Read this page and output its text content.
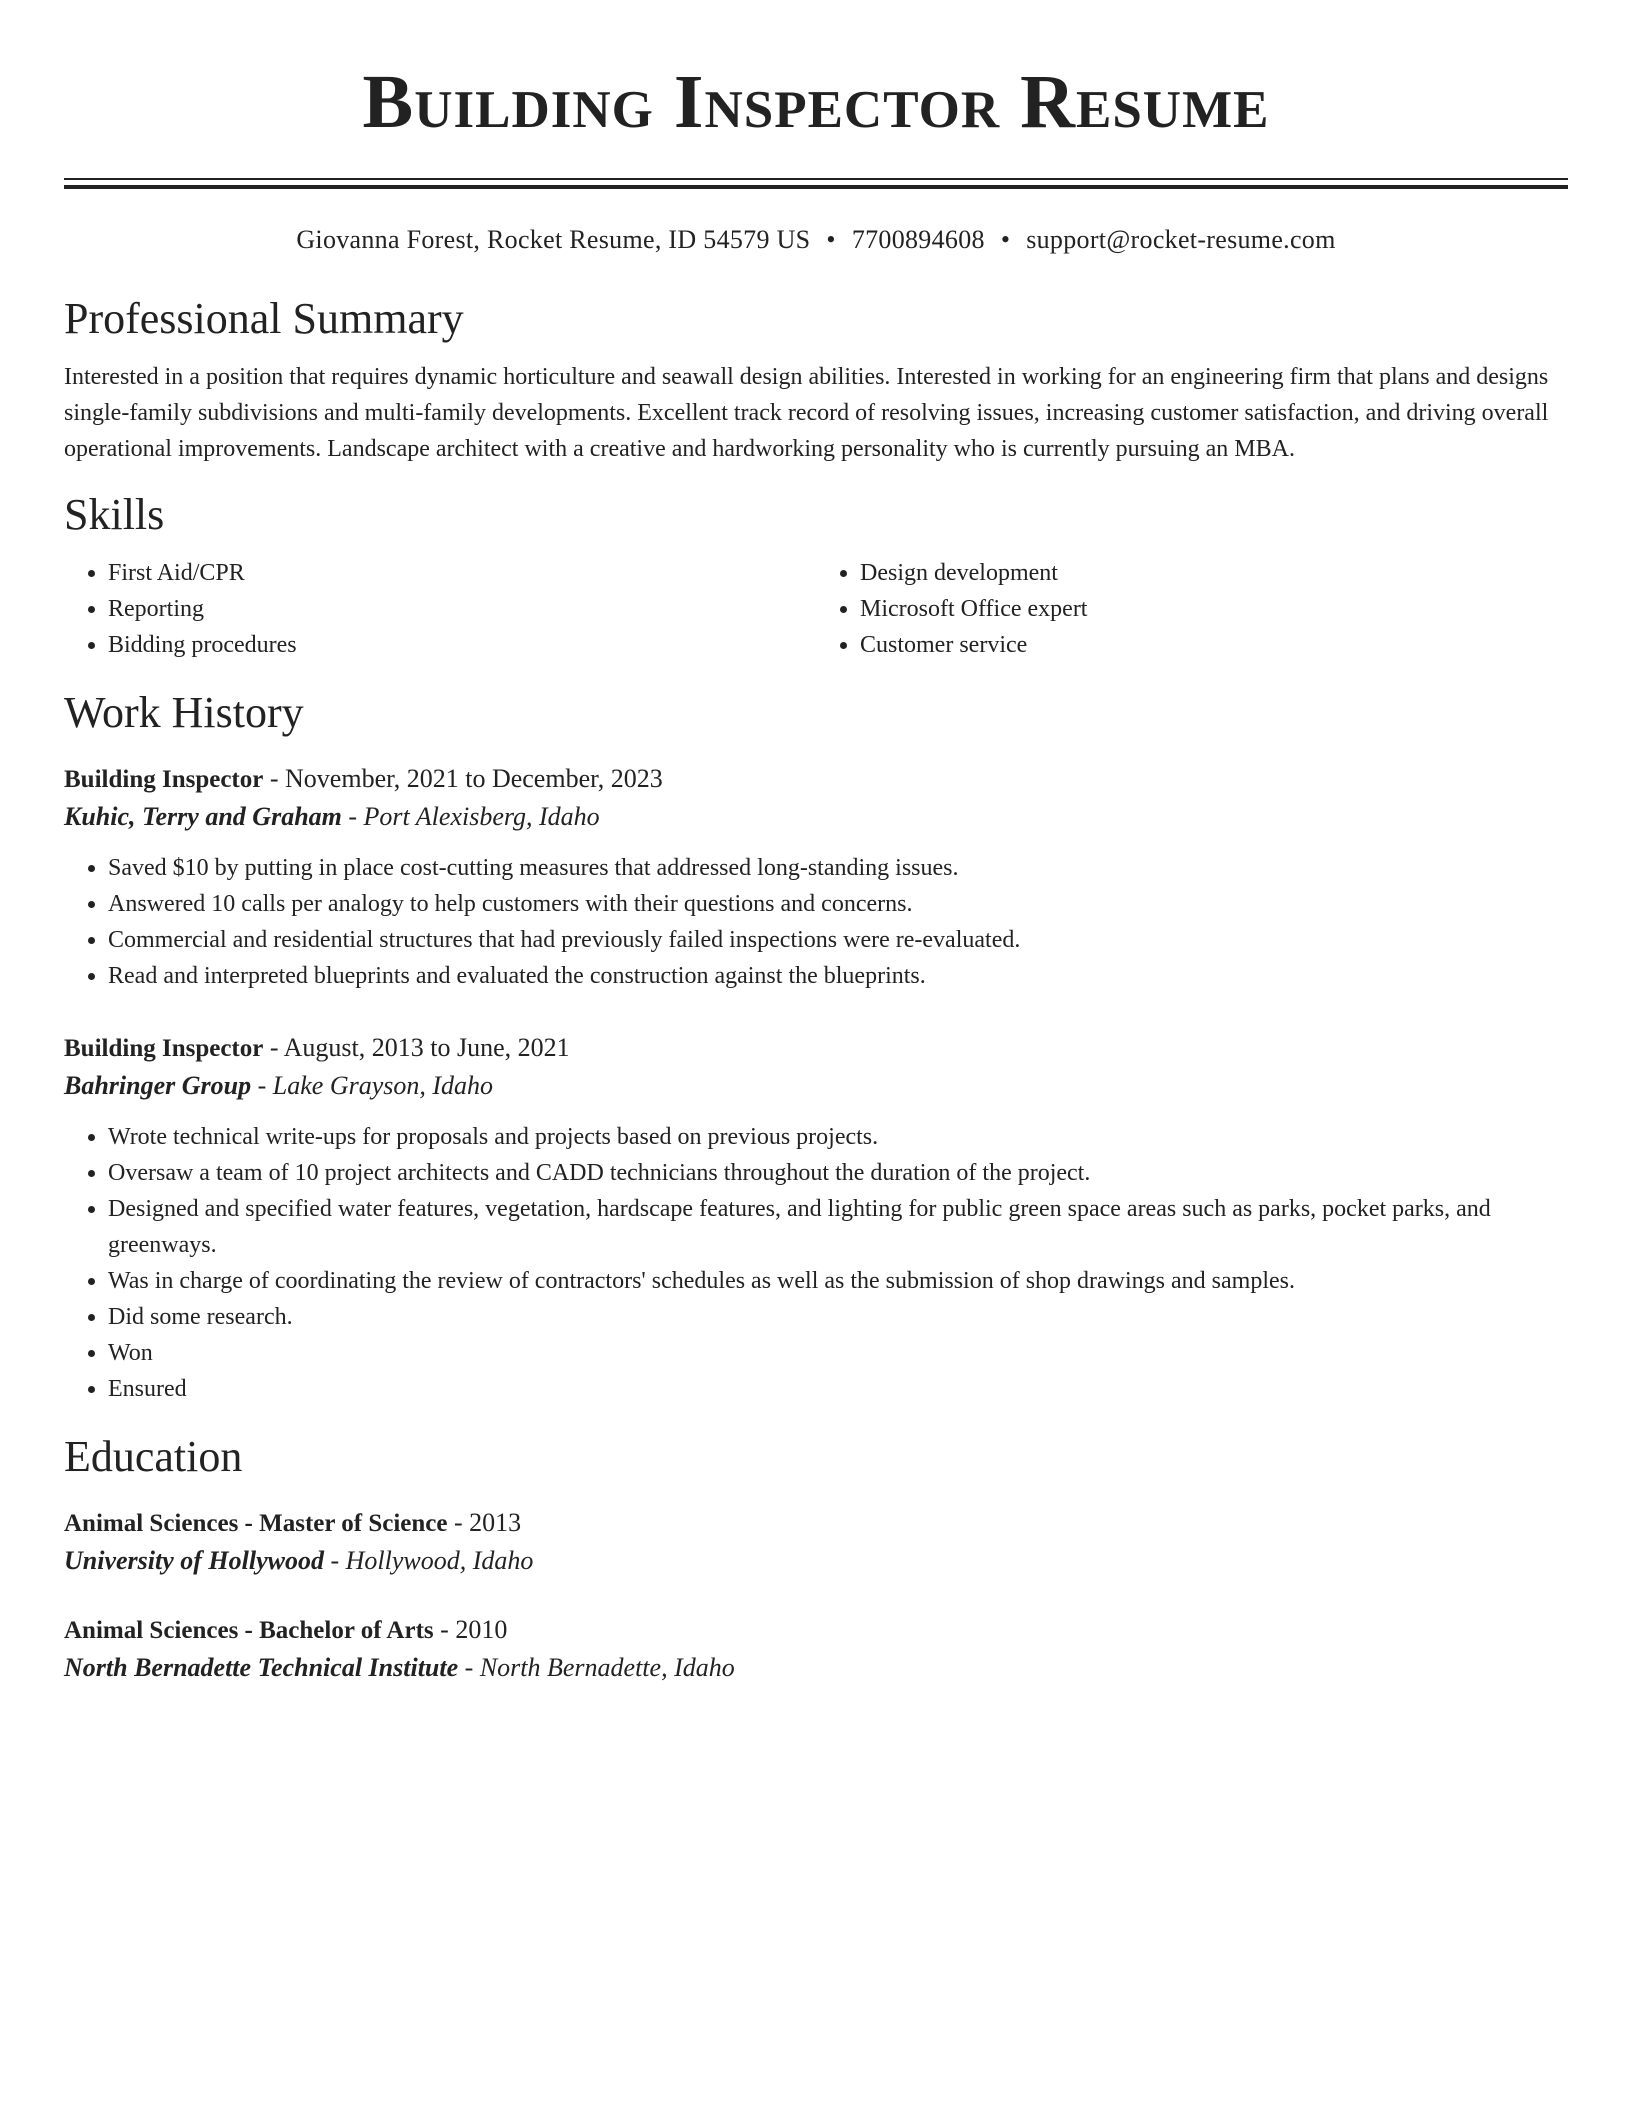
Building Inspector Resume
Giovanna Forest, Rocket Resume, ID 54579 US • 7700894608 • support@rocket-resume.com
Professional Summary
Interested in a position that requires dynamic horticulture and seawall design abilities. Interested in working for an engineering firm that plans and designs single-family subdivisions and multi-family developments. Excellent track record of resolving issues, increasing customer satisfaction, and driving overall operational improvements. Landscape architect with a creative and hardworking personality who is currently pursuing an MBA.
Skills
• First Aid/CPR
• Reporting
• Bidding procedures
• Design development
• Microsoft Office expert
• Customer service
Work History
Building Inspector - November, 2021 to December, 2023
Kuhic, Terry and Graham - Port Alexisberg, Idaho
• Saved $10 by putting in place cost-cutting measures that addressed long-standing issues.
• Answered 10 calls per analogy to help customers with their questions and concerns.
• Commercial and residential structures that had previously failed inspections were re-evaluated.
• Read and interpreted blueprints and evaluated the construction against the blueprints.
Building Inspector - August, 2013 to June, 2021
Bahringer Group - Lake Grayson, Idaho
• Wrote technical write-ups for proposals and projects based on previous projects.
• Oversaw a team of 10 project architects and CADD technicians throughout the duration of the project.
• Designed and specified water features, vegetation, hardscape features, and lighting for public green space areas such as parks, pocket parks, and greenways.
• Was in charge of coordinating the review of contractors' schedules as well as the submission of shop drawings and samples.
• Did some research.
• Won
• Ensured
Education
Animal Sciences - Master of Science - 2013
University of Hollywood - Hollywood, Idaho
Animal Sciences - Bachelor of Arts - 2010
North Bernadette Technical Institute - North Bernadette, Idaho
